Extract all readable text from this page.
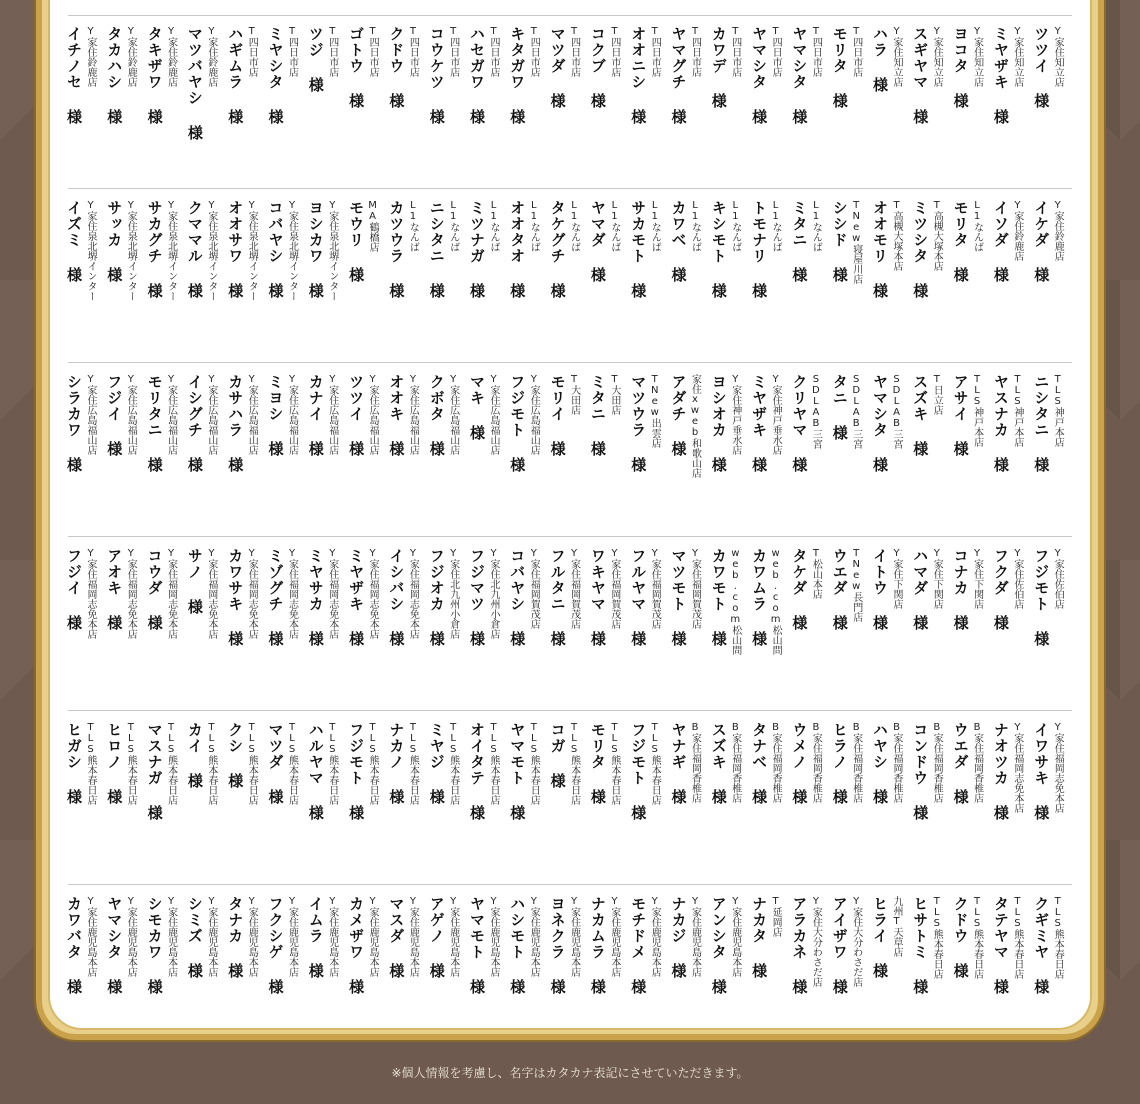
Y家住知立店
ツツイ 様
Y家住知立店
ミヤザキ 様
Y家住知立店
ヨコタ 様
Y家住知立店
スギヤマ 様
Y家住知立店
ハラ 様
T四日市店
モリタ 様
T四日市店
ヤマシタ 様
T四日市店
ヤマシタ 様
T四日市店
カワデ 様
T四日市店
ヤマグチ 様
T四日市店
オオニシ 様
T四日市店
コクブ 様
T四日市店
マツダ 様
T四日市店
キタガワ 様
T四日市店
ハセガワ 様
T四日市店
コウケツ 様
T四日市店
クドウ 様
T四日市店
ゴトウ 様
T四日市店
ツジ 様
T四日市店
ミヤシタ 様
T四日市店
ハギムラ 様
Y家住鈴鹿店
マツバヤシ 様
Y家住鈴鹿店
タキザワ 様
Y家住鈴鹿店
タカハシ 様
Y家住鈴鹿店
イチノセ 様
Y家住鈴鹿店
イケダ 様
Y家住鈴鹿店
イソダ 様
L1なんば
モリタ 様
T高槻大塚本店
ミツシタ 様
T高槻大塚本店
オオモリ 様
TNew寝屋川店
シシド 様
L1なんば
ミタニ 様
L1なんば
トモナリ 様
L1なんば
キシモト 様
L1なんば
カワベ 様
L1なんば
サカモト 様
L1なんば
ヤマダ 様
L1なんば
タケグチ 様
L1なんば
オオタオ 様
L1なんば
ミツナガ 様
L1なんば
ニシタニ 様
L1なんば
カツウラ 様
MA鶴橋店
モウリ 様
Y家住泉北堺インター
ヨシカワ 様
Y家住泉北堺インター
コバヤシ 様
Y家住泉北堺インター
オオサワ 様
Y家住泉北堺インター
クママル 様
Y家住泉北堺インター
サカグチ 様
Y家住泉北堺インター
サッカ 様
Y家住泉北堺インター
イズミ 様
TLS神戸本店
ニシタニ 様
TLS神戸本店
ヤスナカ 様
TLS神戸本店
アサイ 様
T日立店
スズキ 様
SDLAB三宮
ヤマシタ 様
SDLAB三宮
タニ 様
SDLAB三宮
クリヤマ 様
Y家住神戸垂水店
ミヤザキ 様
Y家住神戸垂水店
ヨシオカ 様
家住xweb和歌山店
アダチ 様
TNew出雲店
マツウラ 様
T大田店
ミタニ 様
T大田店
モリイ 様
Y家住広島福山店
フジモト 様
Y家住広島福山店
マキ 様
Y家住広島福山店
クボタ 様
Y家住広島福山店
オオキ 様
Y家住広島福山店
ツツイ 様
Y家住広島福山店
カナイ 様
Y家住広島福山店
ミヨシ 様
Y家住広島福山店
カサハラ 様
Y家住広島福山店
イシグチ 様
Y家住広島福山店
モリタニ 様
Y家住広島福山店
フジイ 様
Y家住広島福山店
シラカワ 様
Y家住佐伯店
フジモト 様
Y家住佐伯店
フクダ 様
Y家住下関店
コナカ 様
Y家住下関店
ハマダ 様
Y家住下関店
イトウ 様
TNew長門店
ウエダ 様
T松山本店
タケダ 様
web.com松山問
カワムラ 様
web.com松山問
カワモト 様
Y家住福岡賀茂店
マツモト 様
Y家住福岡賀茂店
フルヤマ 様
Y家住福岡賀茂店
ワキヤマ 様
Y家住福岡賀茂店
フルタニ 様
Y家住福岡賀茂店
コバヤシ 様
Y家住北九州小倉店
フジマツ 様
Y家住北九州小倉店
フジオカ 様
Y家住福岡志免本店
イシバシ 様
Y家住福岡志免本店
ミヤザキ 様
Y家住福岡志免本店
ミヤサカ 様
Y家住福岡志免本店
ミゾグチ 様
Y家住福岡志免本店
カワサキ 様
Y家住福岡志免本店
サノ 様
Y家住福岡志免本店
コウダ 様
Y家住福岡志免本店
アオキ 様
Y家住福岡志免本店
フジイ 様
Y家住福岡志免本店
イワサキ 様
Y家住福岡志免本店
ナオツカ 様
B家住福岡香椎店
ウエダ 様
B家住福岡香椎店
コンドウ 様
B家住福岡香椎店
ハヤシ 様
B家住福岡香椎店
ヒラノ 様
B家住福岡香椎店
ウメノ 様
B家住福岡香椎店
タナベ 様
B家住福岡香椎店
スズキ 様
B家住福岡香椎店
ヤナギ 様
TLS熊本春日店
フジモト 様
TLS熊本春日店
モリタ 様
TLS熊本春日店
コガ 様
TLS熊本春日店
ヤマモト 様
TLS熊本春日店
オイタテ 様
TLS熊本春日店
ミヤジ 様
TLS熊本春日店
ナカノ 様
TLS熊本春日店
フジモト 様
TLS熊本春日店
ハルヤマ 様
TLS熊本春日店
マツダ 様
TLS熊本春日店
クシ 様
TLS熊本春日店
カイ 様
TLS熊本春日店
マスナガ 様
TLS熊本春日店
ヒロノ 様
TLS熊本春日店
ヒガシ 様
TLS熊本春日店
クギミヤ 様
TLS熊本春日店
タテヤマ 様
TLS熊本春日店
クドウ 様
TLS熊本春日店
ヒサトミ 様
九州T天草店
ヒライ 様
Y家住大分わさだ店
アイザワ 様
Y家住大分わさだ店
アラカネ 様
T延岡店
ナカタ 様
Y家住鹿児島本店
アンシタ 様
Y家住鹿児島本店
ナカジ 様
Y家住鹿児島本店
モチドメ 様
Y家住鹿児島本店
ナカムラ 様
Y家住鹿児島本店
ヨネクラ 様
Y家住鹿児島本店
ハシモト 様
Y家住鹿児島本店
ヤマモト 様
Y家住鹿児島本店
アゲノ 様
Y家住鹿児島本店
マスダ 様
Y家住鹿児島本店
カメザワ 様
Y家住鹿児島本店
イムラ 様
Y家住鹿児島本店
フクシゲ 様
Y家住鹿児島本店
タナカ 様
Y家住鹿児島本店
シミズ 様
Y家住鹿児島本店
シモカワ 様
Y家住鹿児島本店
ヤマシタ 様
Y家住鹿児島本店
カワバタ 様
※個人情報を考慮し、名字はカタカナ表記にさせていただきます。
